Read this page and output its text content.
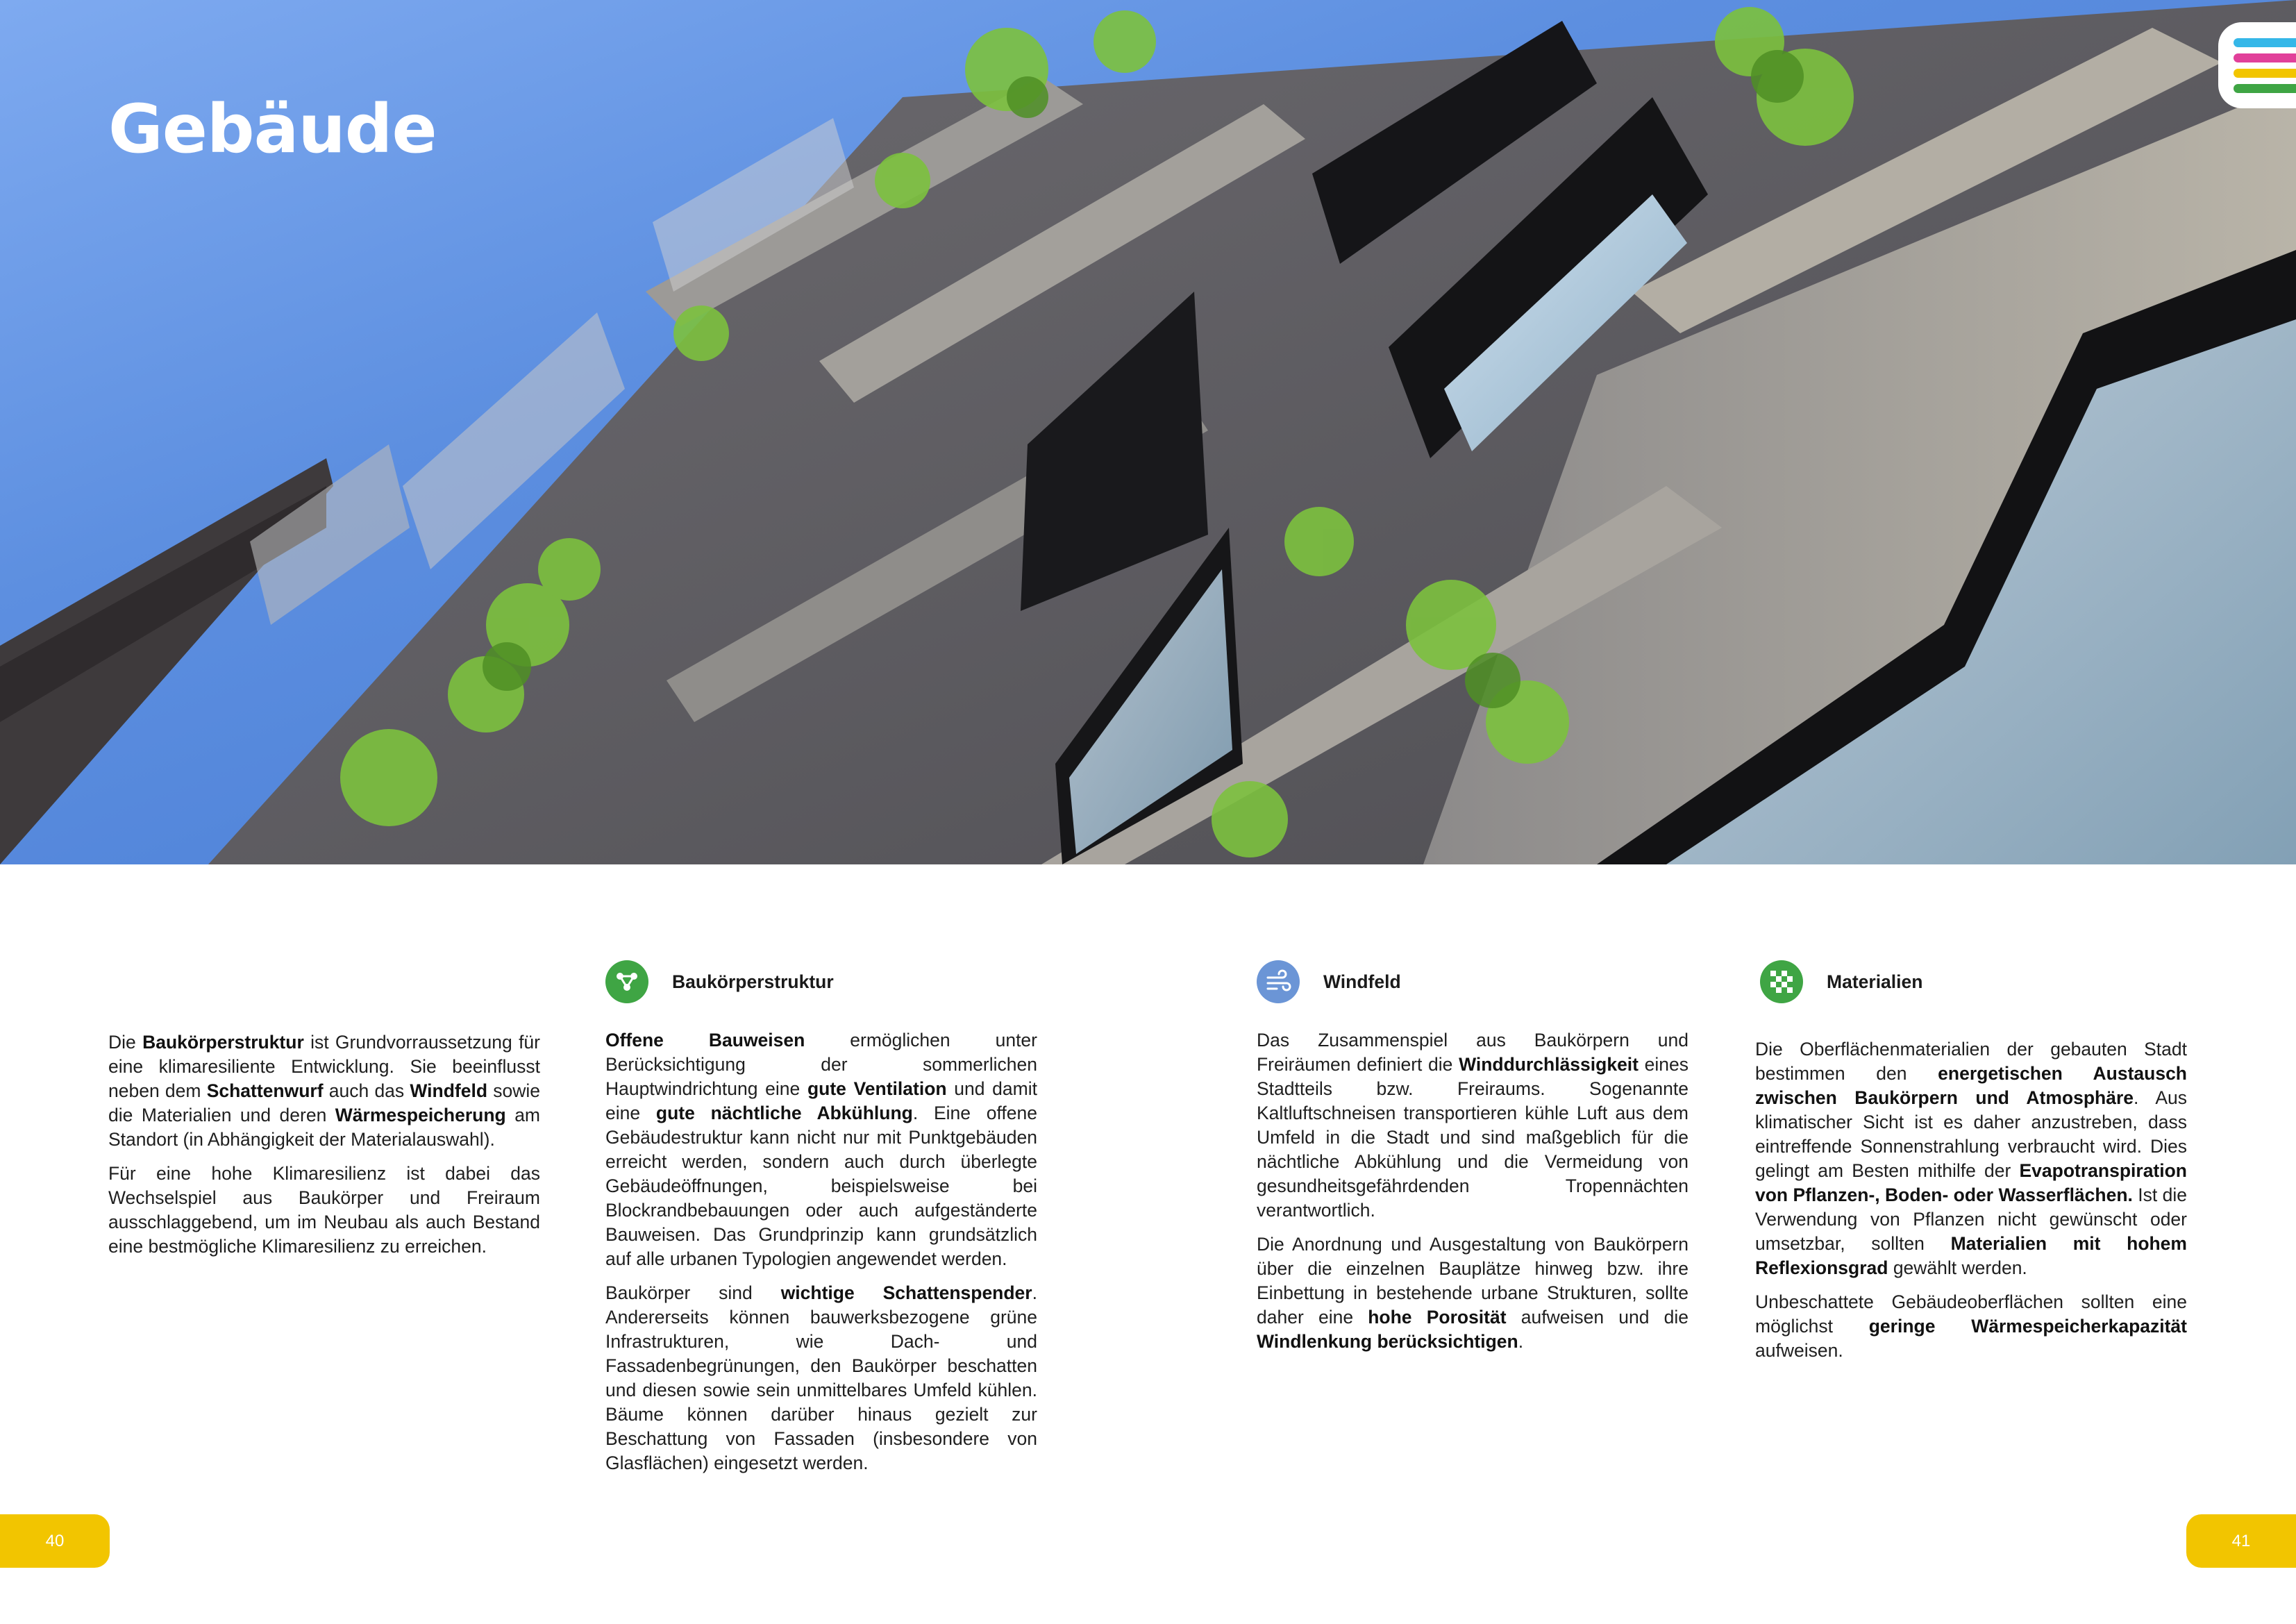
Gebäude

Die Baukörperstruktur ist Grundvorraussetzung für eine klimaresiliente Entwicklung. Sie beeinflusst neben dem Schattenwurf auch das Windfeld sowie die Materialien und deren Wärmespeicherung am Standort (in Abhängigkeit der Materialauswahl).

Für eine hohe Klimaresilienz ist dabei das Wechselspiel aus Baukörper und Freiraum ausschlaggebend, um im Neubau als auch Bestand eine bestmögliche Klimaresilienz zu erreichen.

Baukörperstruktur

Offene Bauweisen ermöglichen unter Berücksichtigung der sommerlichen Hauptwindrichtung eine gute Ventilation und damit eine gute nächtliche Abkühlung. Eine offene Gebäudestruktur kann nicht nur mit Punktgebäuden erreicht werden, sondern auch durch überlegte Gebäudeöffnungen, beispielsweise bei Blockrandbebauungen oder auch aufgeständerte Bauweisen. Das Grundprinzip kann grundsätzlich auf alle urbanen Typologien angewendet werden.

Baukörper sind wichtige Schattenspender. Andererseits können bauwerksbezogene grüne Infrastrukturen, wie Dach- und Fassadenbegrünungen, den Baukörper beschatten und diesen sowie sein unmittelbares Umfeld kühlen. Bäume können darüber hinaus gezielt zur Beschattung von Fassaden (insbesondere von Glasflächen) eingesetzt werden.

Windfeld

Das Zusammenspiel aus Baukörpern und Freiräumen definiert die Winddurchlässigkeit eines Stadtteils bzw. Freiraums. Sogenannte Kaltluftschneisen transportieren kühle Luft aus dem Umfeld in die Stadt und sind maßgeblich für die nächtliche Abkühlung und die Vermeidung von gesundheitsgefährdenden Tropennächten verantwortlich.

Die Anordnung und Ausgestaltung von Baukörpern über die einzelnen Bauplätze hinweg bzw. ihre Einbettung in bestehende urbane Strukturen, sollte daher eine hohe Porosität aufweisen und die Windlenkung berücksichtigen.

Materialien

Die Oberflächenmaterialien der gebauten Stadt bestimmen den energetischen Austausch zwischen Baukörpern und Atmosphäre. Aus klimatischer Sicht ist es daher anzustreben, dass eintreffende Sonnenstrahlung verbraucht wird. Dies gelingt am Besten mithilfe der Evapotranspiration von Pflanzen-, Boden- oder Wasserflächen. Ist die Verwendung von Pflanzen nicht gewünscht oder umsetzbar, sollten Materialien mit hohem Reflexionsgrad gewählt werden.

Unbeschattete Gebäudeoberflächen sollten eine möglichst geringe Wärmespeicherkapazität aufweisen.

40	41
